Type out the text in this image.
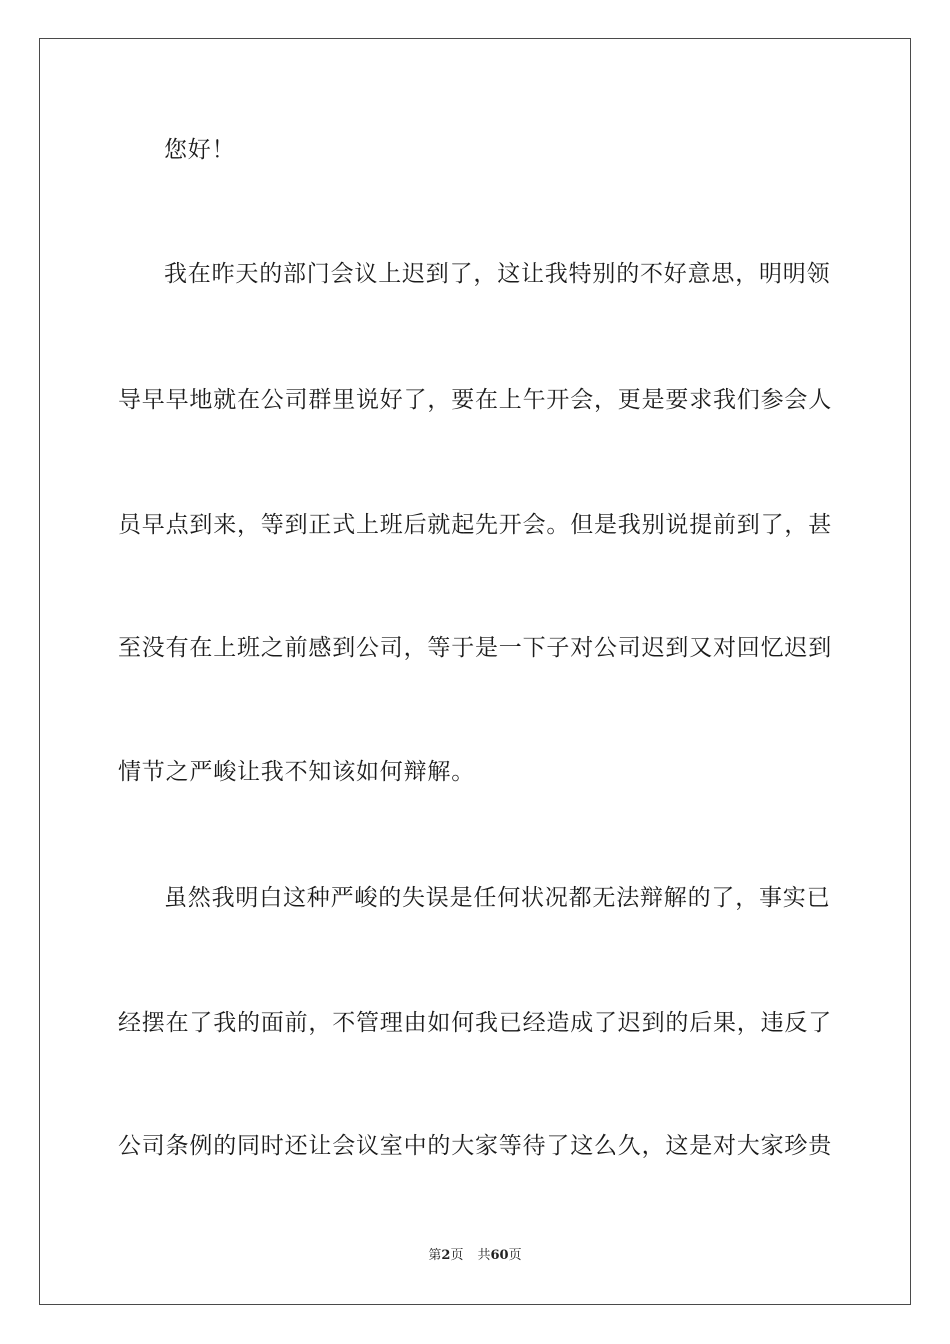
您好！
我在昨天的部门会议上迟到了，这让我特别的不好意思，明明领
导早早地就在公司群里说好了，要在上午开会，更是要求我们参会人
员早点到来，等到正式上班后就起先开会。但是我别说提前到了，甚
至没有在上班之前感到公司，等于是一下子对公司迟到又对回忆迟到
情节之严峻让我不知该如何辩解。
虽然我明白这种严峻的失误是任何状况都无法辩解的了，事实已
经摆在了我的面前，不管理由如何我已经造成了迟到的后果，违反了
公司条例的同时还让会议室中的大家等待了这么久，这是对大家珍贵
第2页 共60页
